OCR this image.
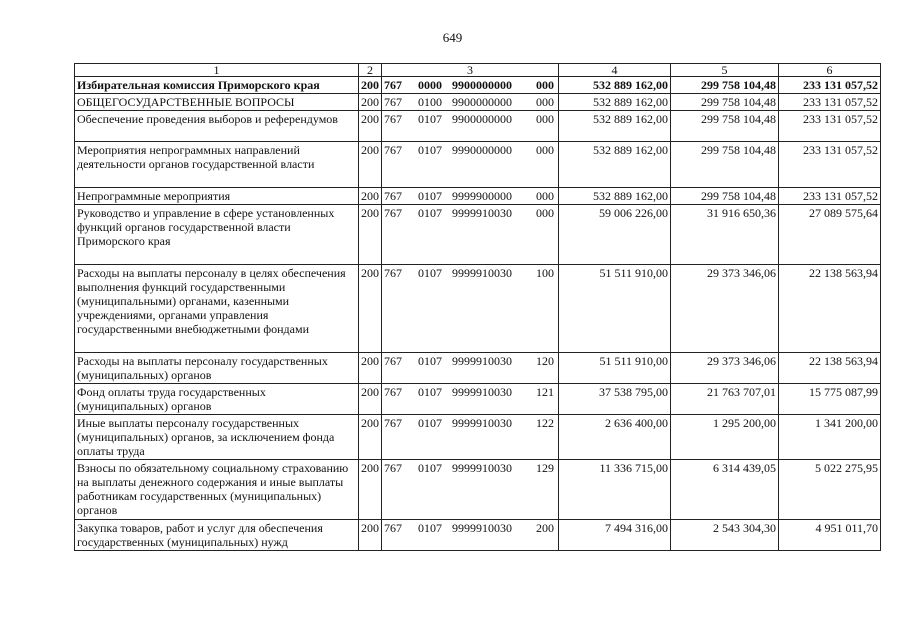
649
1	2	3	4	5	6
Избирательная комиссия Приморского края	200	767 0000 9900000000 000	532 889 162,00	299 758 104,48	233 131 057,52
ОБЩЕГОСУДАРСТВЕННЫЕ ВОПРОСЫ	200	767 0100 9900000000 000	532 889 162,00	299 758 104,48	233 131 057,52
Обеспечение проведения выборов и референдумов	200	767 0107 9900000000 000	532 889 162,00	299 758 104,48	233 131 057,52
Мероприятия непрограммных направлений деятельности органов государственной власти	200	767 0107 9990000000 000	532 889 162,00	299 758 104,48	233 131 057,52
Непрограммные мероприятия	200	767 0107 9999900000 000	532 889 162,00	299 758 104,48	233 131 057,52
Руководство и управление в сфере установленных функций органов государственной власти Приморского края	200	767 0107 9999910030 000	59 006 226,00	31 916 650,36	27 089 575,64
Расходы на выплаты персоналу в целях обеспечения выполнения функций государственными (муниципальными) органами, казенными учреждениями, органами управления государственными внебюджетными фондами	200	767 0107 9999910030 100	51 511 910,00	29 373 346,06	22 138 563,94
Расходы на выплаты персоналу государственных (муниципальных) органов	200	767 0107 9999910030 120	51 511 910,00	29 373 346,06	22 138 563,94
Фонд оплаты труда государственных (муниципальных) органов	200	767 0107 9999910030 121	37 538 795,00	21 763 707,01	15 775 087,99
Иные выплаты персоналу государственных (муниципальных) органов, за исключением фонда оплаты труда	200	767 0107 9999910030 122	2 636 400,00	1 295 200,00	1 341 200,00
Взносы по обязательному социальному страхованию на выплаты денежного содержания и иные выплаты работникам государственных (муниципальных) органов	200	767 0107 9999910030 129	11 336 715,00	6 314 439,05	5 022 275,95
Закупка товаров, работ и услуг для обеспечения государственных (муниципальных) нужд	200	767 0107 9999910030 200	7 494 316,00	2 543 304,30	4 951 011,70
